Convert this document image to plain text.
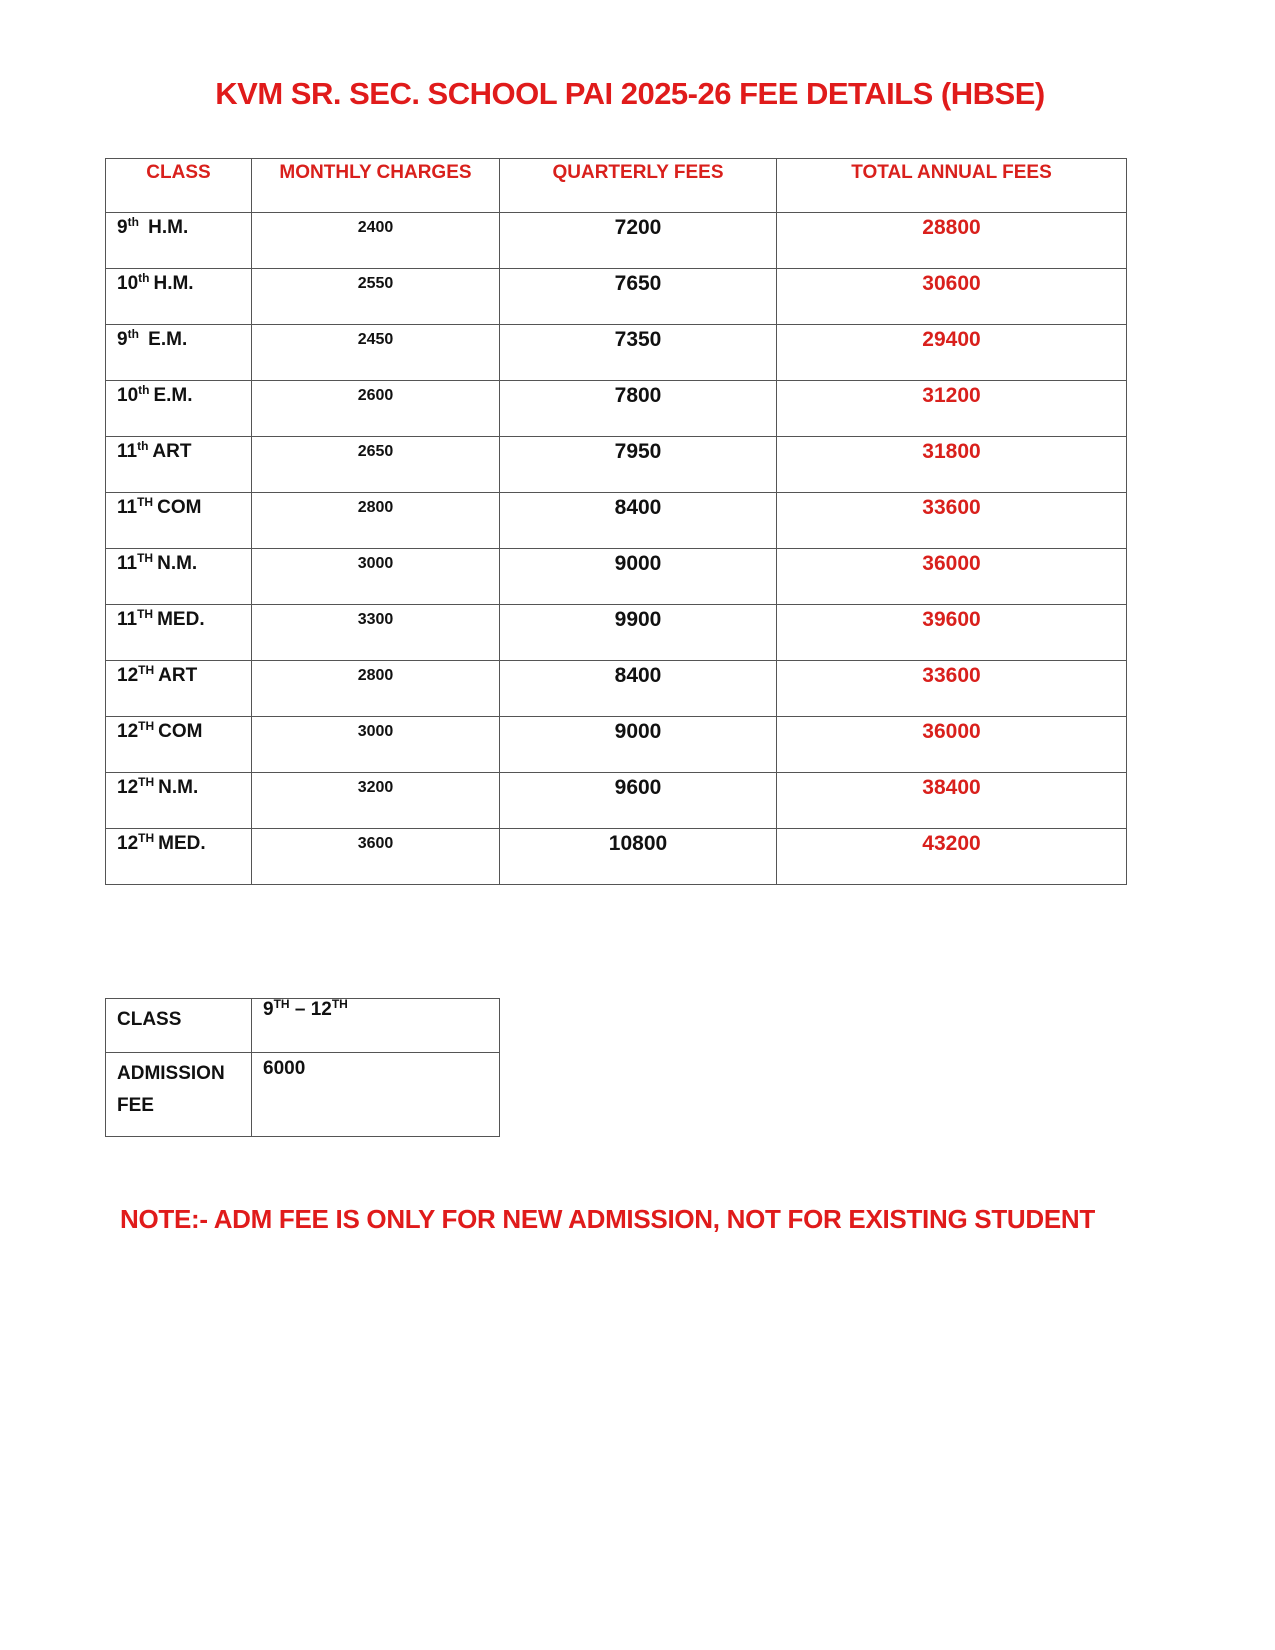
KVM SR. SEC. SCHOOL PAI 2025-26 FEE DETAILS (HBSE)
CLASS	MONTHLY CHARGES	QUARTERLY FEES	TOTAL ANNUAL FEES
9th H.M.	2400	7200	28800
10th H.M.	2550	7650	30600
9th E.M.	2450	7350	29400
10th E.M.	2600	7800	31200
11th ART	2650	7950	31800
11TH COM	2800	8400	33600
11TH N.M.	3000	9000	36000
11TH MED.	3300	9900	39600
12TH ART	2800	8400	33600
12TH COM	3000	9000	36000
12TH N.M.	3200	9600	38400
12TH MED.	3600	10800	43200
CLASS	9TH – 12TH
ADMISSION FEE	6000
NOTE:- ADM FEE IS ONLY FOR NEW ADMISSION, NOT FOR EXISTING STUDENT
